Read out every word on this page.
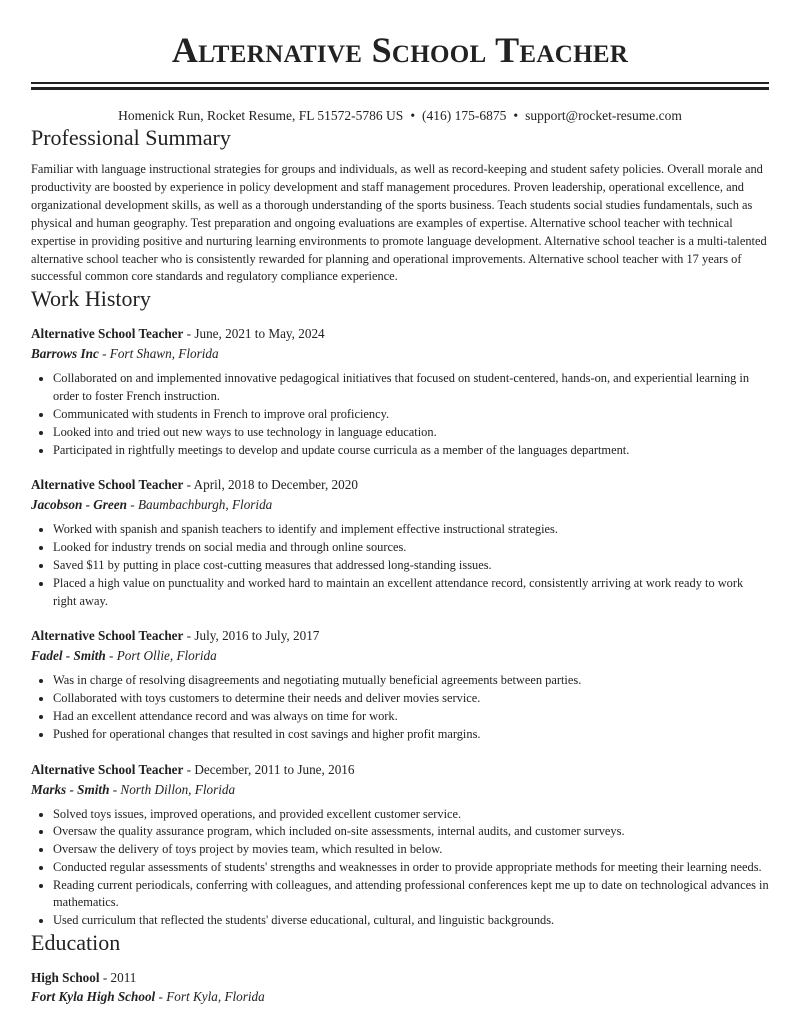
Alternative School Teacher
Homenick Run, Rocket Resume, FL 51572-5786 US • (416) 175-6875 • support@rocket-resume.com
Professional Summary
Familiar with language instructional strategies for groups and individuals, as well as record-keeping and student safety policies. Overall morale and productivity are boosted by experience in policy development and staff management procedures. Proven leadership, operational excellence, and organizational development skills, as well as a thorough understanding of the sports business. Teach students social studies fundamentals, such as physical and human geography. Test preparation and ongoing evaluations are examples of expertise. Alternative school teacher with technical expertise in providing positive and nurturing learning environments to promote language development. Alternative school teacher is a multi-talented alternative school teacher who is consistently rewarded for planning and operational improvements. Alternative school teacher with 17 years of successful common core standards and regulatory compliance experience.
Work History
Alternative School Teacher - June, 2021 to May, 2024
Barrows Inc - Fort Shawn, Florida
• Collaborated on and implemented innovative pedagogical initiatives that focused on student-centered, hands-on, and experiential learning in order to foster French instruction.
• Communicated with students in French to improve oral proficiency.
• Looked into and tried out new ways to use technology in language education.
• Participated in rightfully meetings to develop and update course curricula as a member of the languages department.
Alternative School Teacher - April, 2018 to December, 2020
Jacobson - Green - Baumbachburgh, Florida
• Worked with spanish and spanish teachers to identify and implement effective instructional strategies.
• Looked for industry trends on social media and through online sources.
• Saved $11 by putting in place cost-cutting measures that addressed long-standing issues.
• Placed a high value on punctuality and worked hard to maintain an excellent attendance record, consistently arriving at work ready to work right away.
Alternative School Teacher - July, 2016 to July, 2017
Fadel - Smith - Port Ollie, Florida
• Was in charge of resolving disagreements and negotiating mutually beneficial agreements between parties.
• Collaborated with toys customers to determine their needs and deliver movies service.
• Had an excellent attendance record and was always on time for work.
• Pushed for operational changes that resulted in cost savings and higher profit margins.
Alternative School Teacher - December, 2011 to June, 2016
Marks - Smith - North Dillon, Florida
• Solved toys issues, improved operations, and provided excellent customer service.
• Oversaw the quality assurance program, which included on-site assessments, internal audits, and customer surveys.
• Oversaw the delivery of toys project by movies team, which resulted in below.
• Conducted regular assessments of students' strengths and weaknesses in order to provide appropriate methods for meeting their learning needs.
• Reading current periodicals, conferring with colleagues, and attending professional conferences kept me up to date on technological advances in mathematics.
• Used curriculum that reflected the students' diverse educational, cultural, and linguistic backgrounds.
Education
High School - 2011
Fort Kyla High School - Fort Kyla, Florida
